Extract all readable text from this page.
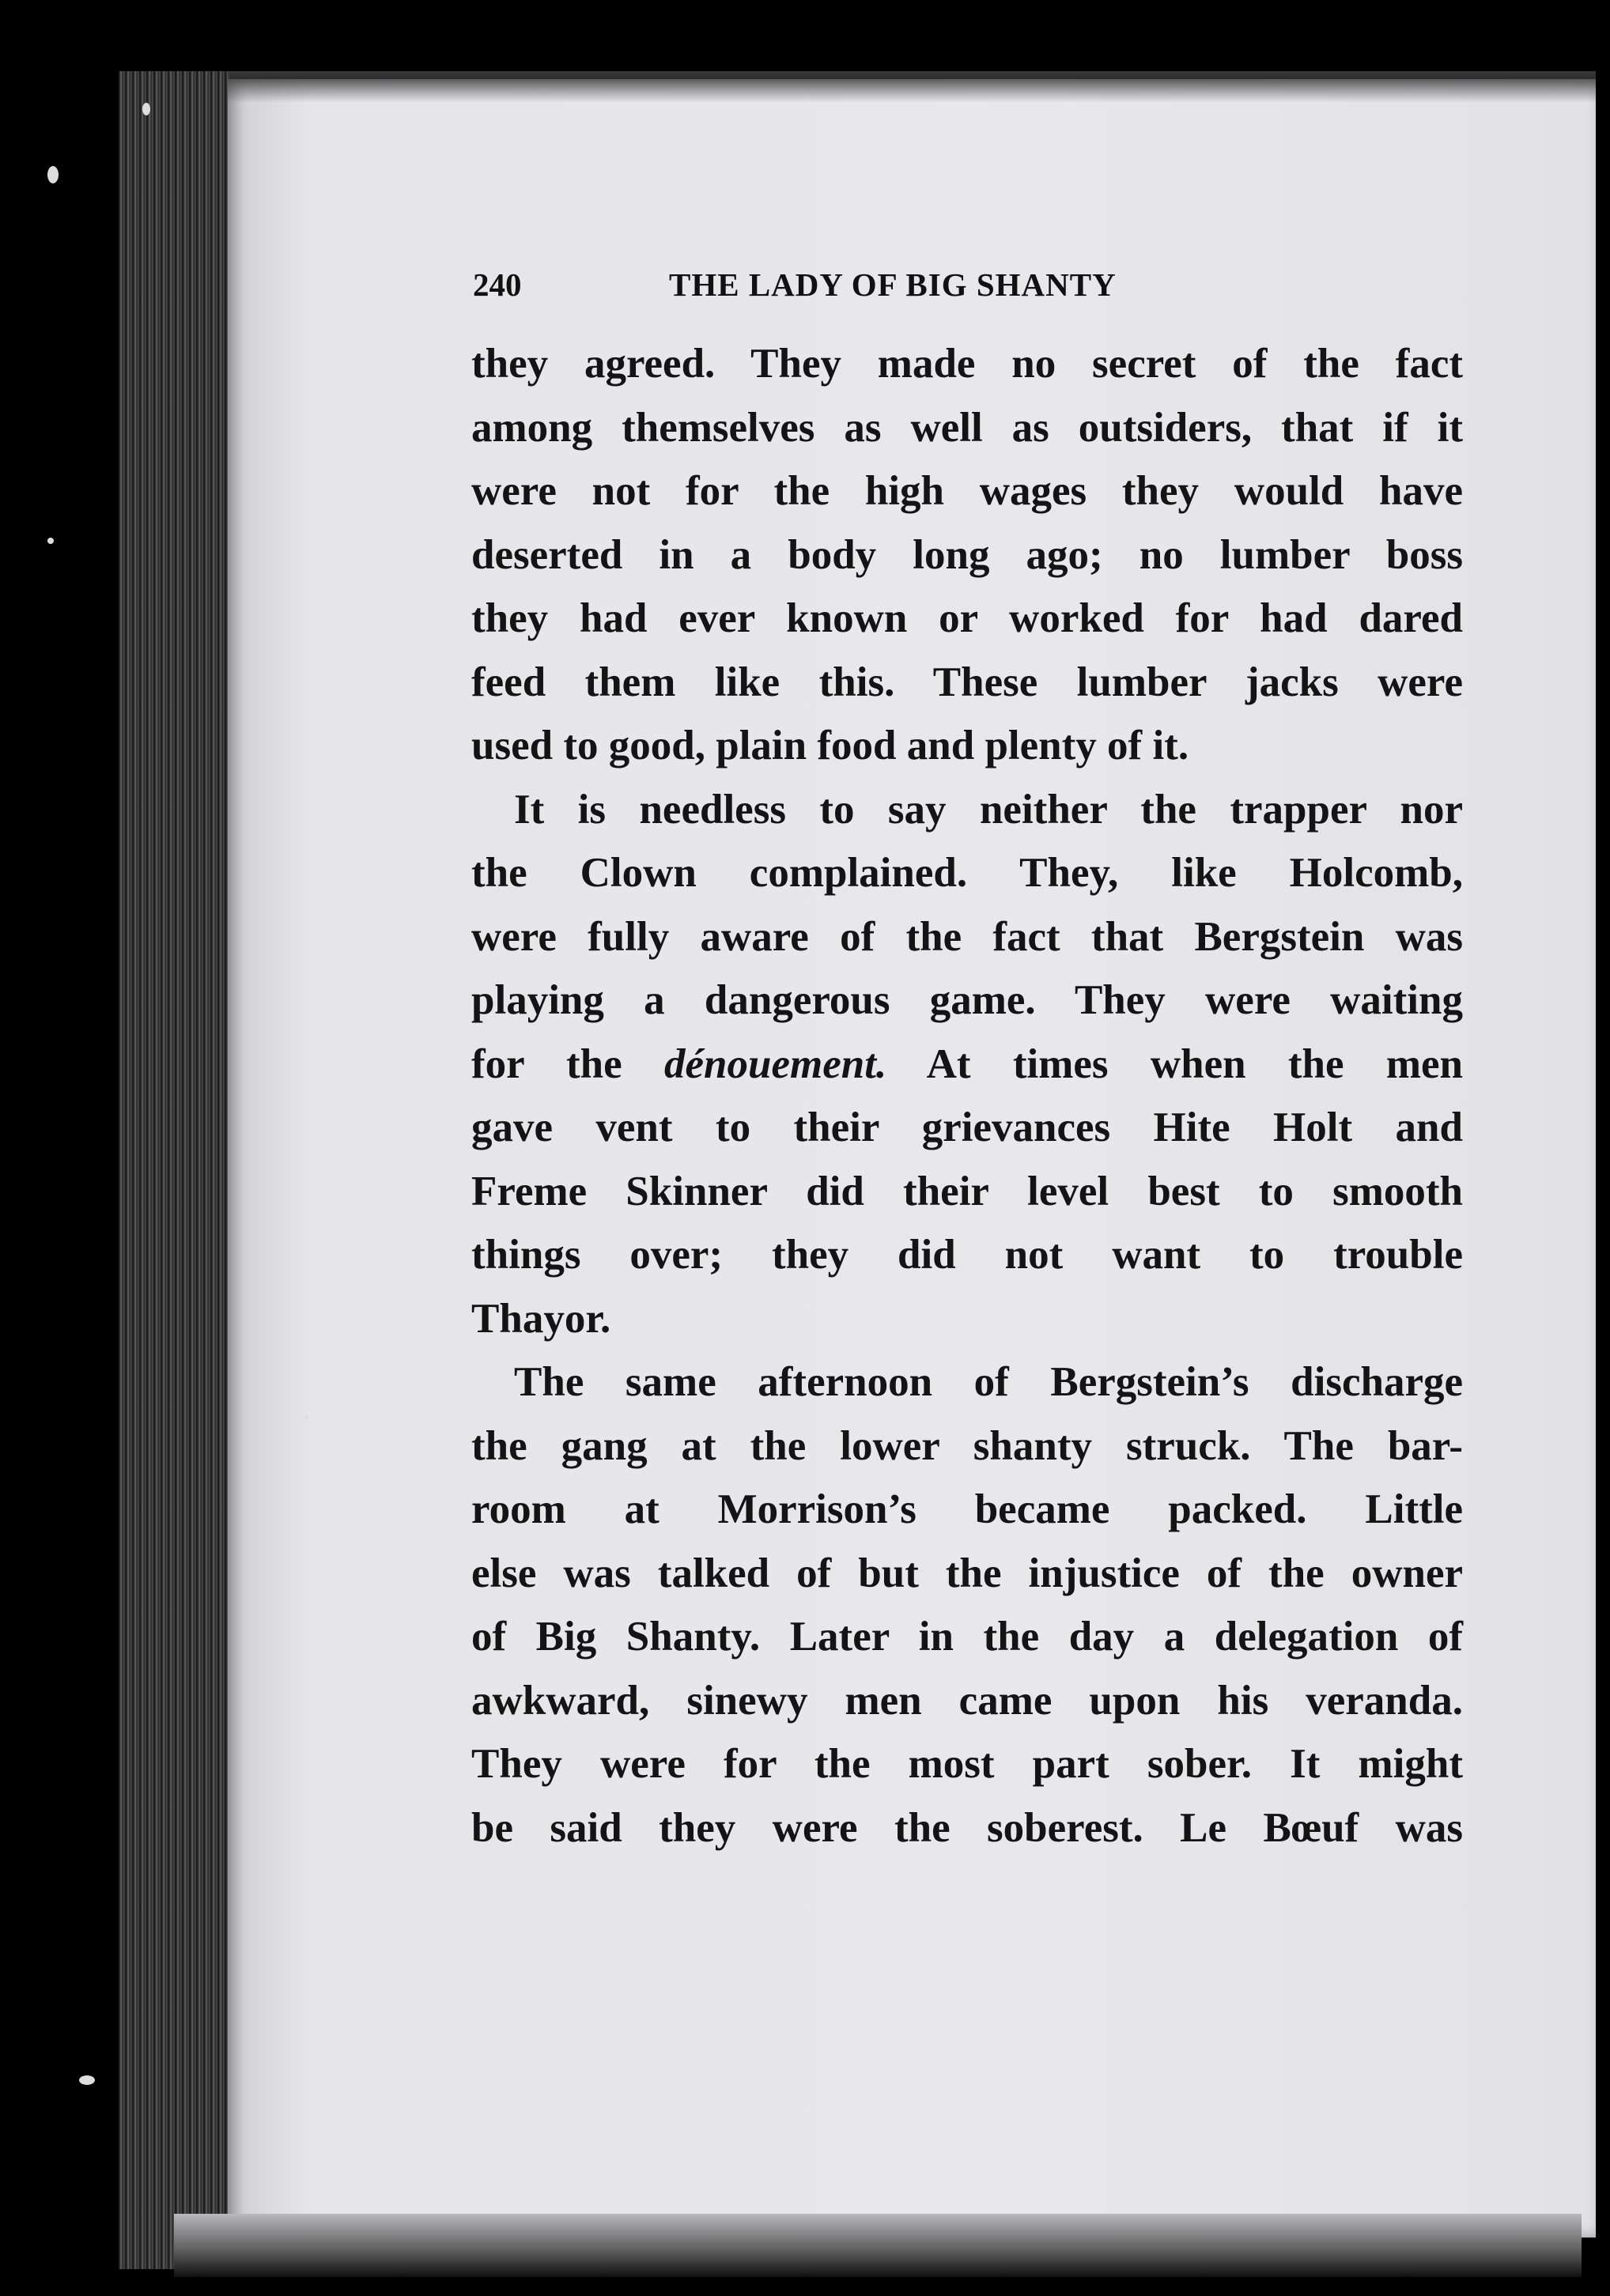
240	THE LADY OF BIG SHANTY
they agreed. They made no secret of the fact
among themselves as well as outsiders, that if it
were not for the high wages they would have
deserted in a body long ago; no lumber boss
they had ever known or worked for had dared
feed them like this. These lumber jacks were
used to good, plain food and plenty of it.
It is needless to say neither the trapper nor
the Clown complained. They, like Holcomb,
were fully aware of the fact that Bergstein was
playing a dangerous game. They were waiting
for the dénouement. At times when the men
gave vent to their grievances Hite Holt and
Freme Skinner did their level best to smooth
things over; they did not want to trouble
Thayor.
The same afternoon of Bergstein’s discharge
the gang at the lower shanty struck. The bar-
room at Morrison’s became packed. Little
else was talked of but the injustice of the owner
of Big Shanty. Later in the day a delegation of
awkward, sinewy men came upon his veranda.
They were for the most part sober. It might
be said they were the soberest. Le Bœuf was
